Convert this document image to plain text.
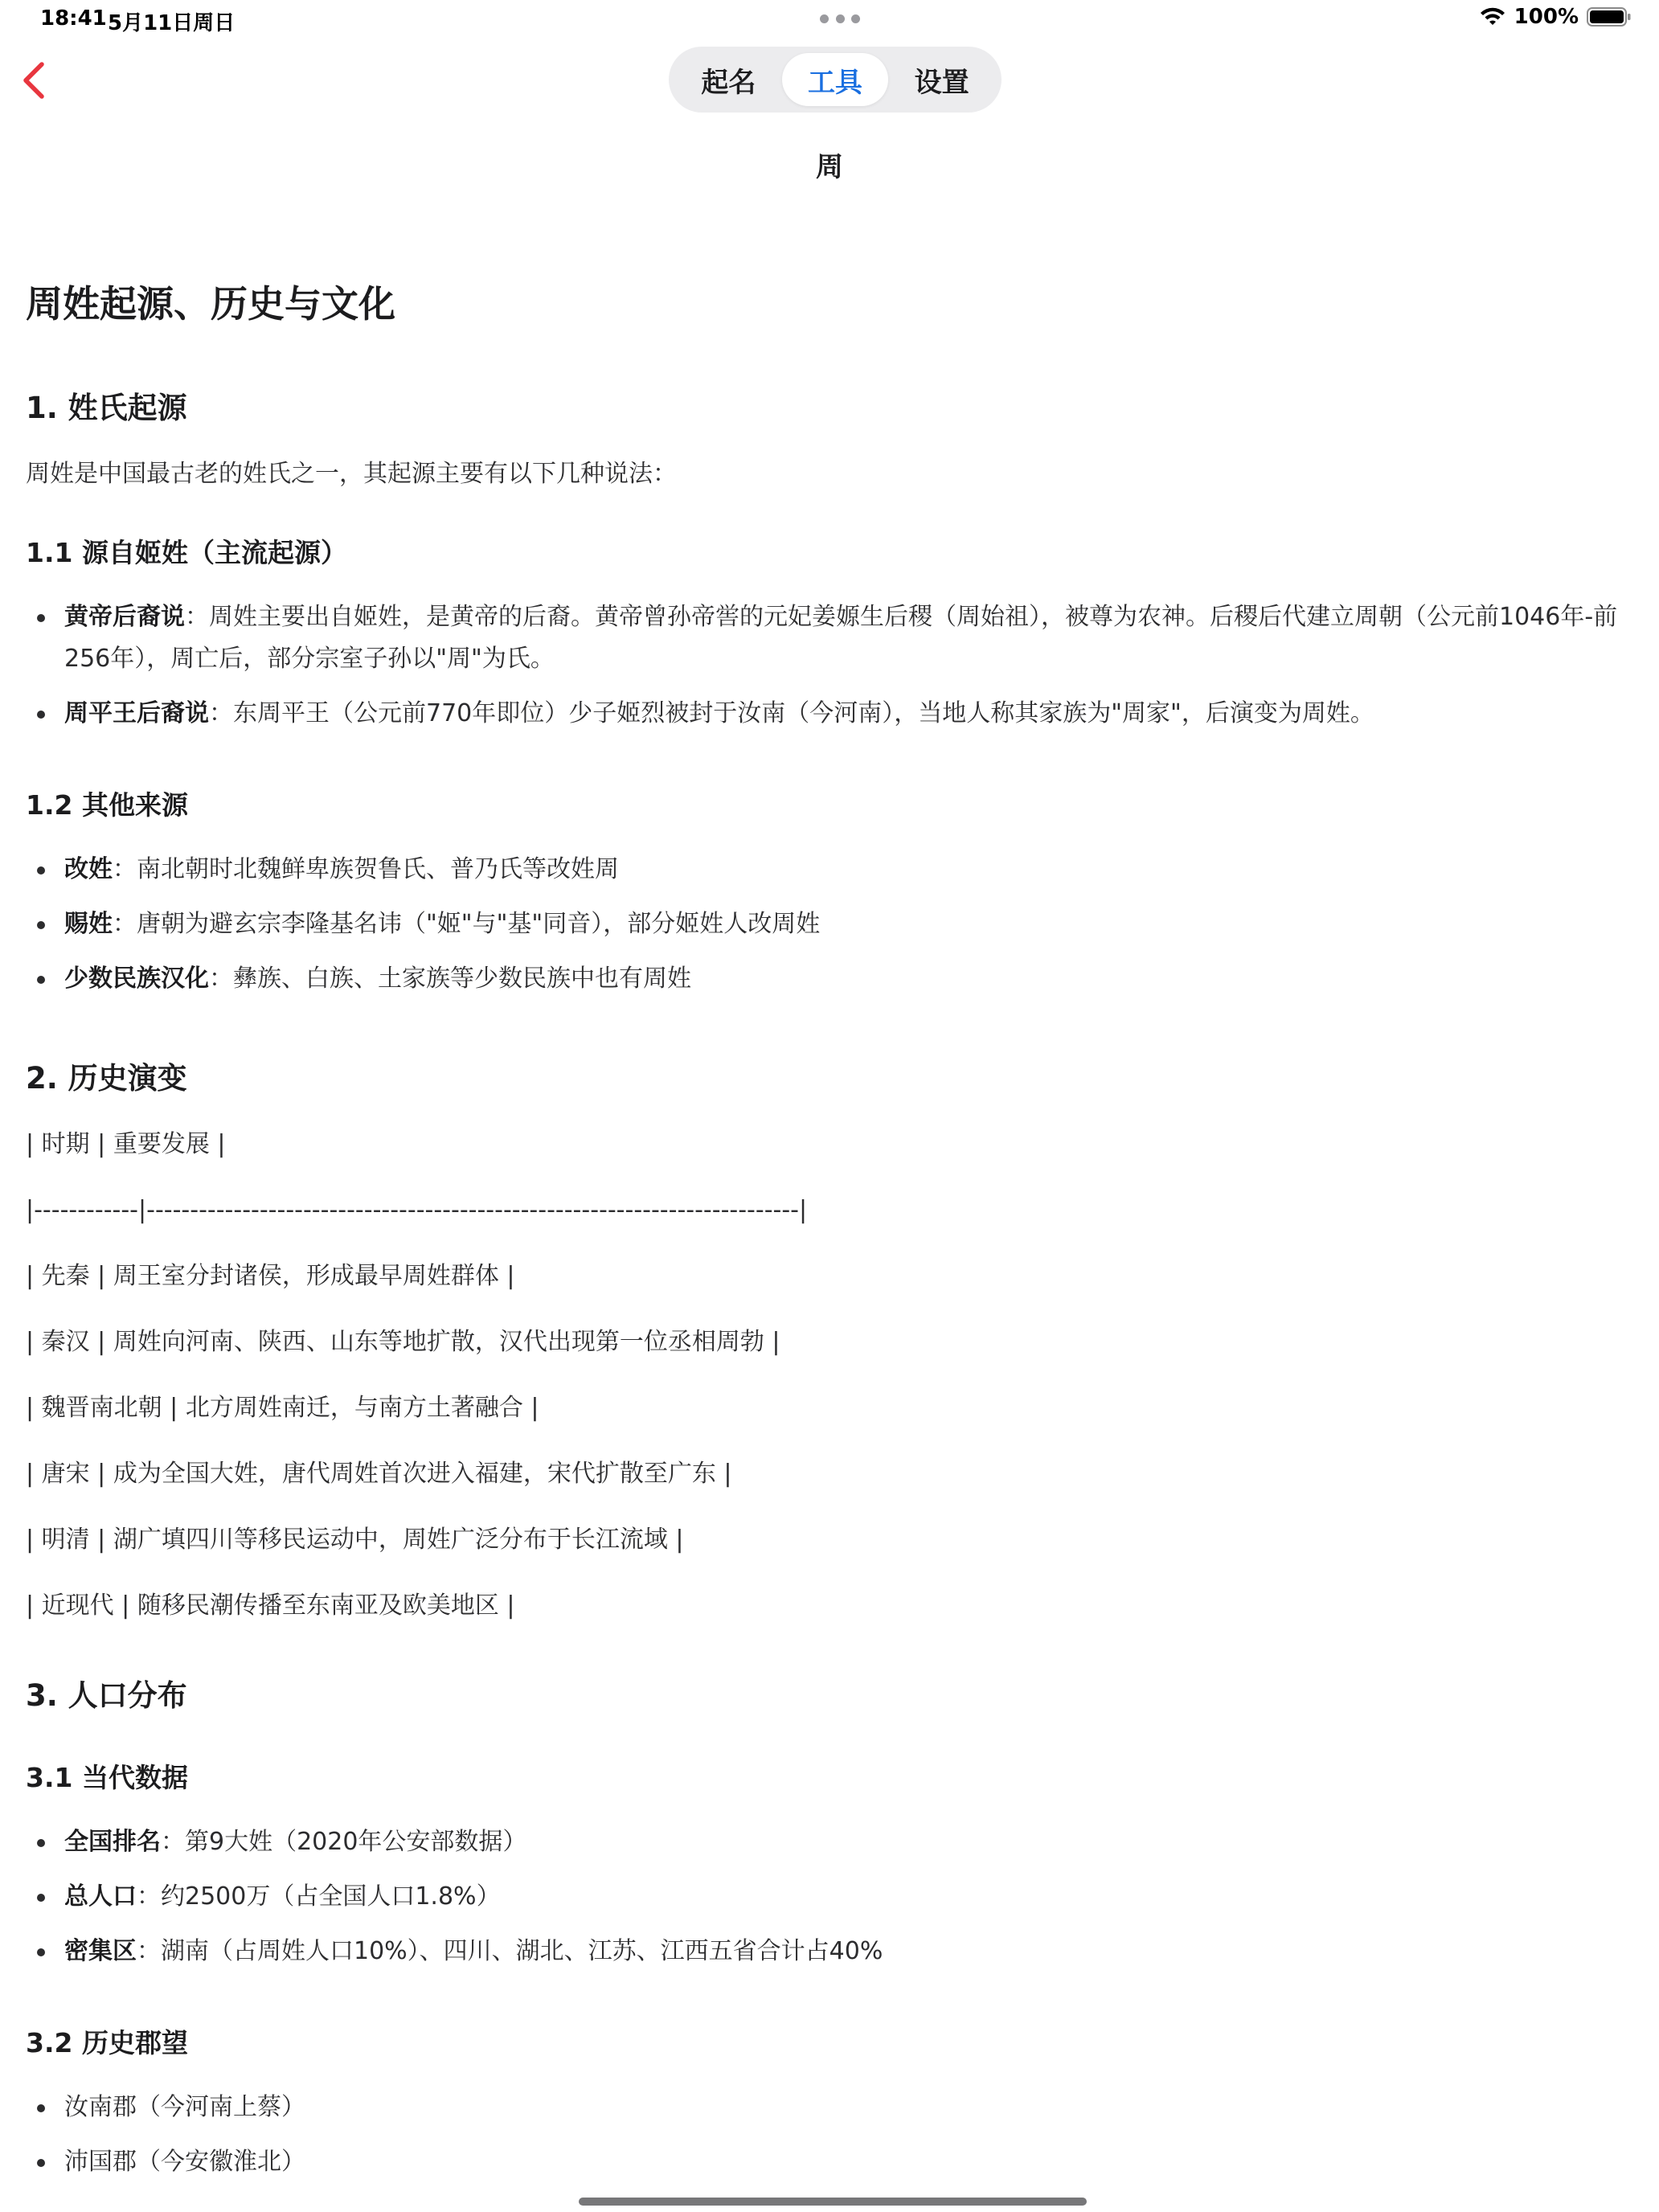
18:41 5月11日周日	100%
起名	工具	设置
周
周姓起源、历史与文化
1. 姓氏起源

周姓是中国最古老的姓氏之一，其起源主要有以下几种说法：

1.1 源自姬姓（主流起源）
黄帝后裔说：周姓主要出自姬姓，是黄帝的后裔。黄帝曾孙帝喾的元妃姜嫄生后稷（周始祖），被尊为农神。后稷后代建立周朝（公元前1046年-前256年），周亡后，部分宗室子孙以"周"为氏。
周平王后裔说：东周平王（公元前770年即位）少子姬烈被封于汝南（今河南），当地人称其家族为"周家"，后演变为周姓。
1.2 其他来源
改姓：南北朝时北魏鲜卑族贺鲁氏、普乃氏等改姓周
赐姓：唐朝为避玄宗李隆基名讳（"姬"与"基"同音），部分姬姓人改周姓
少数民族汉化：彝族、白族、土家族等少数民族中也有周姓
2. 历史演变
| 时期 | 重要发展 |
|------------|---------------------------------------------------------------------------|
| 先秦 | 周王室分封诸侯，形成最早周姓群体 |
| 秦汉 | 周姓向河南、陕西、山东等地扩散，汉代出现第一位丞相周勃 |
| 魏晋南北朝 | 北方周姓南迁，与南方土著融合 |
| 唐宋 | 成为全国大姓，唐代周姓首次进入福建，宋代扩散至广东 |
| 明清 | 湖广填四川等移民运动中，周姓广泛分布于长江流域 |
| 近现代 | 随移民潮传播至东南亚及欧美地区 |
3. 人口分布
3.1 当代数据
全国排名：第9大姓（2020年公安部数据）
总人口：约2500万（占全国人口1.8%）
密集区：湖南（占周姓人口10%）、四川、湖北、江苏、江西五省合计占40%
3.2 历史郡望
汝南郡（今河南上蔡）
沛国郡（今安徽淮北）
